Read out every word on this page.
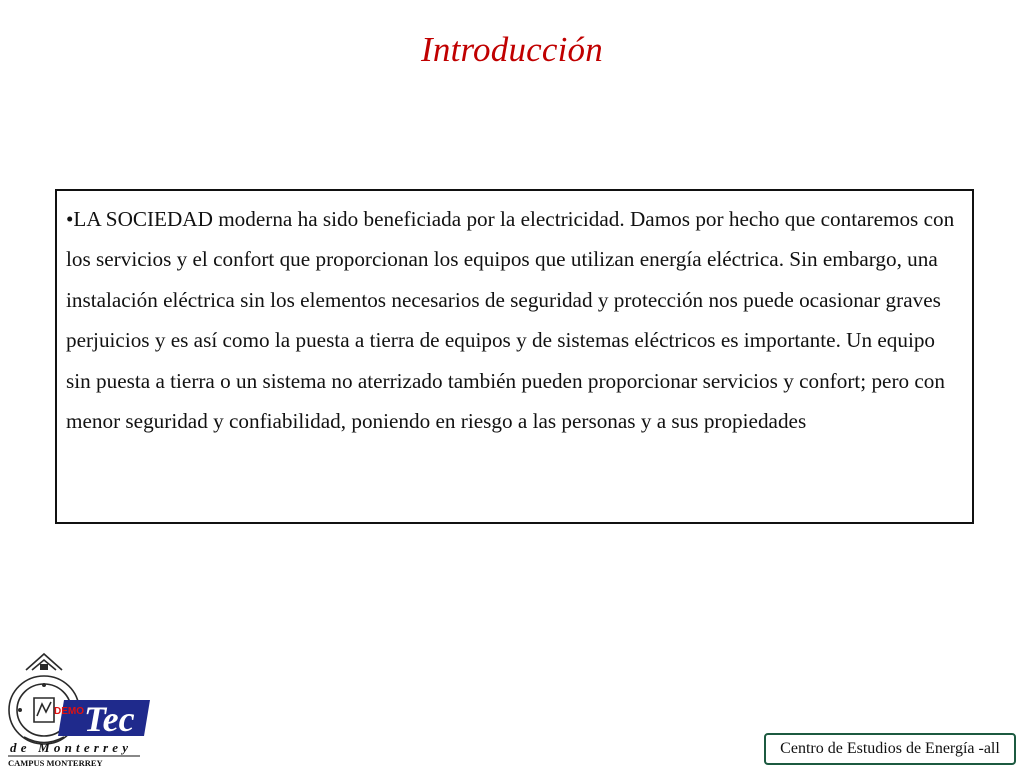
Introducción

•LA SOCIEDAD moderna ha sido beneficiada por la electricidad. Damos por hecho que contaremos con los servicios y el confort que proporcionan los equipos que utilizan energía eléctrica. Sin embargo, una instalación eléctrica sin los elementos necesarios de seguridad y protección nos puede ocasionar graves perjuicios y es así como la puesta a tierra de equipos y de sistemas eléctricos es importante. Un equipo sin puesta a tierra o un sistema no aterrizado también pueden proporcionar servicios y confort; pero con menor seguridad y confiabilidad, poniendo en riesgo a las personas y a sus propiedades

Tec
DEMO
de Monterrey
CAMPUS MONTERREY
Centro de Estudios de Energía -all
